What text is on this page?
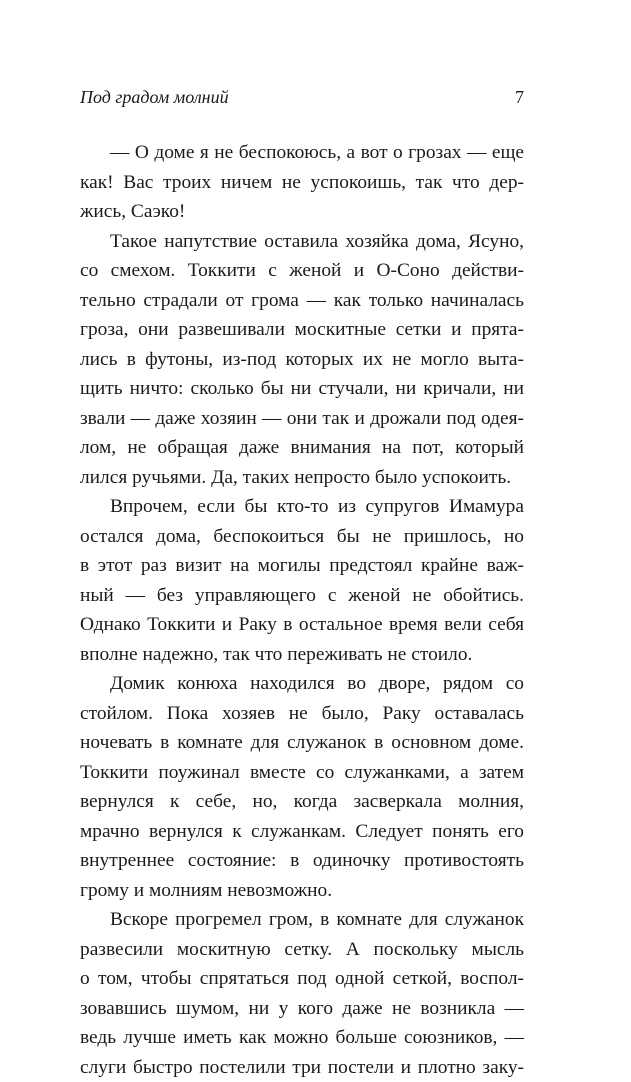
Под градом молний	7

— О доме я не беспокоюсь, а вот о грозах — еще
как! Вас троих ничем не успокоишь, так что дер-
жись, Саэко!

Такое напутствие оставила хозяйка дома, Ясуно,
со смехом. Токкити с женой и О-Соно действи-
тельно страдали от грома — как только начиналась
гроза, они развешивали москитные сетки и прята-
лись в футоны, из-под которых их не могло выта-
щить ничто: сколько бы ни стучали, ни кричали, ни
звали — даже хозяин — они так и дрожали под одея-
лом, не обращая даже внимания на пот, который
лился ручьями. Да, таких непросто было успокоить.

Впрочем, если бы кто-то из супругов Имамура
остался дома, беспокоиться бы не пришлось, но
в этот раз визит на могилы предстоял крайне важ-
ный — без управляющего с женой не обойтись.
Однако Токкити и Раку в остальное время вели себя
вполне надежно, так что переживать не стоило.

Домик конюха находился во дворе, рядом со
стойлом. Пока хозяев не было, Раку оставалась
ночевать в комнате для служанок в основном доме.
Токкити поужинал вместе со служанками, а затем
вернулся к себе, но, когда засверкала молния,
мрачно вернулся к служанкам. Следует понять его
внутреннее состояние: в одиночку противостоять
грому и молниям невозможно.

Вскоре прогремел гром, в комнате для служанок
развесили москитную сетку. А поскольку мысль
о том, чтобы спрятаться под одной сеткой, воспол-
зовавшись шумом, ни у кого даже не возникла —
ведь лучше иметь как можно больше союзников, —
слуги быстро постелили три постели и плотно заку-
